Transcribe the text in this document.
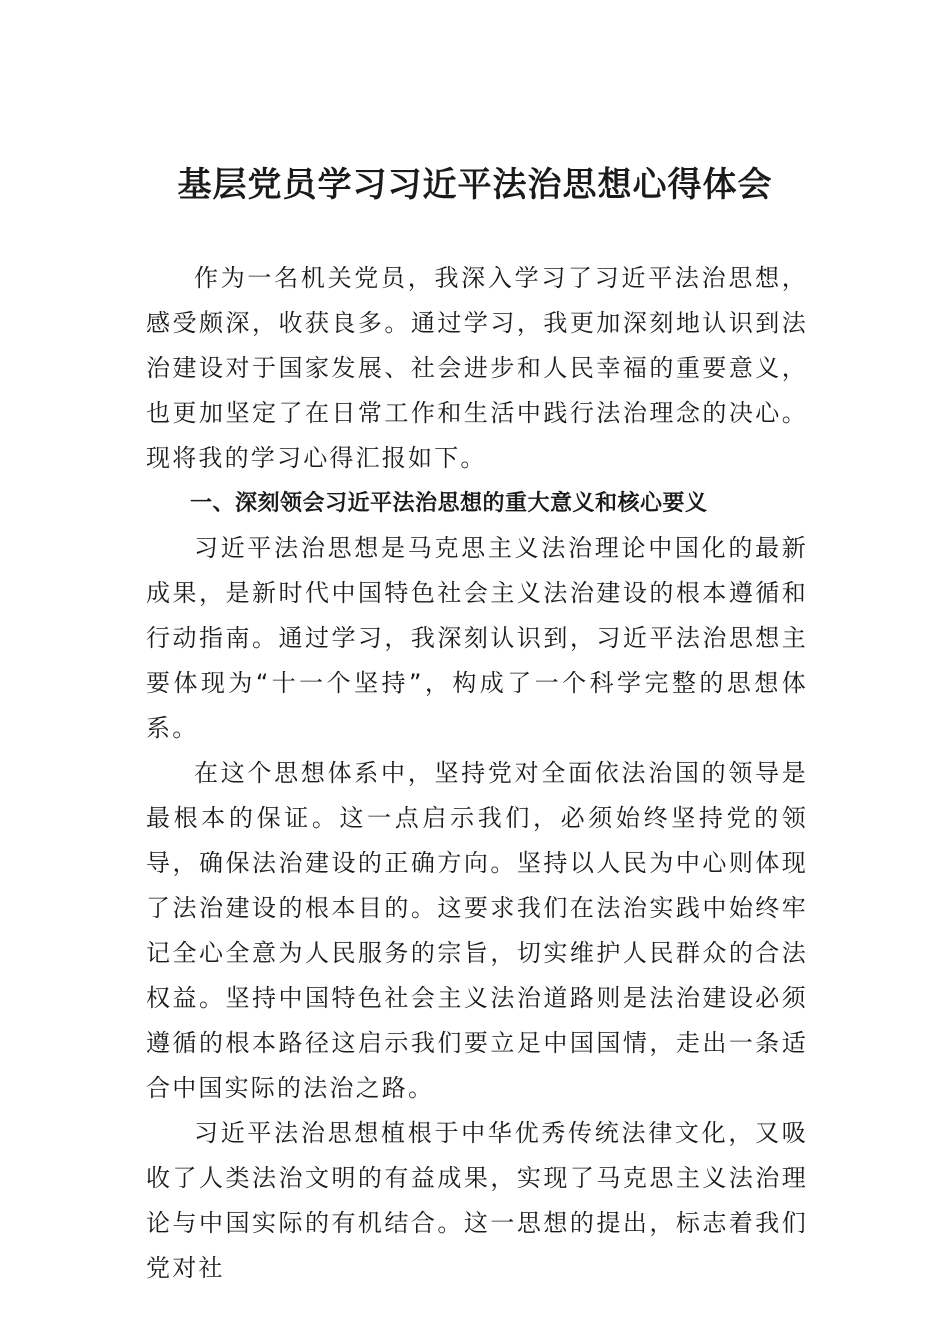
基层党员学习习近平法治思想心得体会

作为一名机关党员，我深入学习了习近平法治思想，感受颇深，收获良多。通过学习，我更加深刻地认识到法治建设对于国家发展、社会进步和人民幸福的重要意义，也更加坚定了在日常工作和生活中践行法治理念的决心。现将我的学习心得汇报如下。

一、深刻领会习近平法治思想的重大意义和核心要义

习近平法治思想是马克思主义法治理论中国化的最新成果，是新时代中国特色社会主义法治建设的根本遵循和行动指南。通过学习，我深刻认识到，习近平法治思想主要体现为“十一个坚持”，构成了一个科学完整的思想体系。

在这个思想体系中，坚持党对全面依法治国的领导是最根本的保证。这一点启示我们，必须始终坚持党的领导，确保法治建设的正确方向。坚持以人民为中心则体现了法治建设的根本目的。这要求我们在法治实践中始终牢记全心全意为人民服务的宗旨，切实维护人民群众的合法权益。坚持中国特色社会主义法治道路则是法治建设必须遵循的根本路径这启示我们要立足中国国情，走出一条适合中国实际的法治之路。

习近平法治思想植根于中华优秀传统法律文化，又吸收了人类法治文明的有益成果，实现了马克思主义法治理论与中国实际的有机结合。这一思想的提出，标志着我们党对社
